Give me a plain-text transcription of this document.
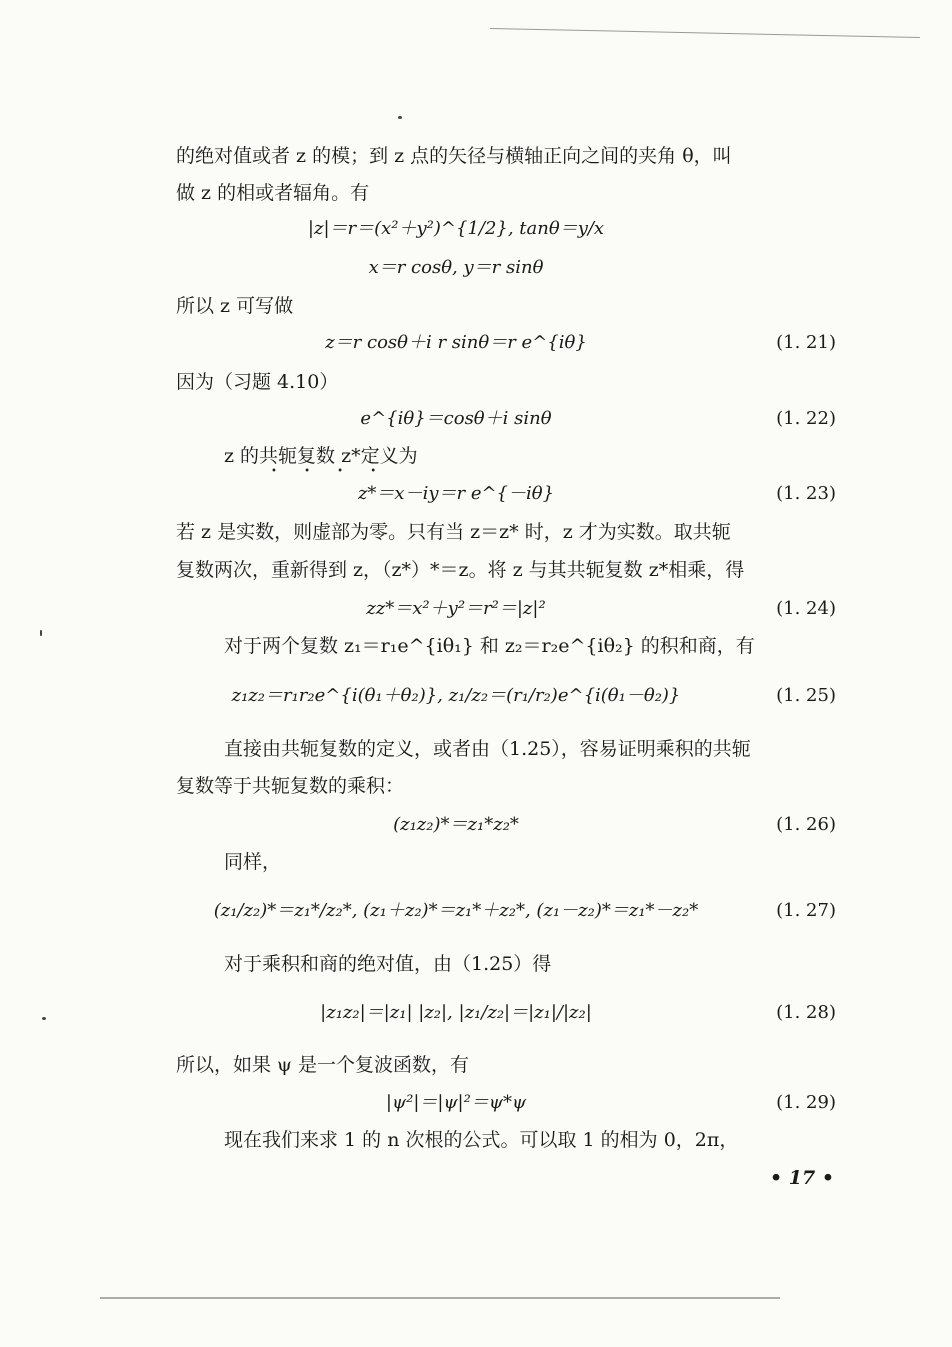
的绝对值或者 z 的模；到 z 点的矢径与横轴正向之间的夹角 θ，叫
做 z 的相或者辐角。有
|z|＝r＝(x²＋y²)^{1/2}, tanθ＝y/x
x＝r cosθ, y＝r sinθ
所以 z 可写做
z＝r cosθ＋i r sinθ＝r e^{iθ}	(1. 21)
因为（习题 4.10）
e^{iθ}＝cosθ＋i sinθ	(1. 22)
z 的共轭复数 z*定义为
• • • •
z*＝x－iy＝r e^{－iθ}	(1. 23)
若 z 是实数，则虚部为零。只有当 z＝z* 时，z 才为实数。取共轭
复数两次，重新得到 z，（z*）*＝z。将 z 与其共轭复数 z*相乘，得
zz*＝x²＋y²＝r²＝|z|²	(1. 24)
对于两个复数 z₁＝r₁e^{iθ₁} 和 z₂＝r₂e^{iθ₂} 的积和商，有
z₁z₂＝r₁r₂e^{i(θ₁＋θ₂)}, z₁/z₂＝(r₁/r₂)e^{i(θ₁－θ₂)}	(1. 25)
直接由共轭复数的定义，或者由（1.25），容易证明乘积的共轭
复数等于共轭复数的乘积：
(z₁z₂)*＝z₁*z₂*	(1. 26)
同样，
(z₁/z₂)*＝z₁*/z₂*, (z₁＋z₂)*＝z₁*＋z₂*, (z₁－z₂)*＝z₁*－z₂*	(1. 27)
对于乘积和商的绝对值，由（1.25）得
|z₁z₂|＝|z₁| |z₂|, |z₁/z₂|＝|z₁|/|z₂|	(1. 28)
所以，如果 ψ 是一个复波函数，有
|ψ²|＝|ψ|²＝ψ*ψ	(1. 29)
现在我们来求 1 的 n 次根的公式。可以取 1 的相为 0，2π，
• 17 •
